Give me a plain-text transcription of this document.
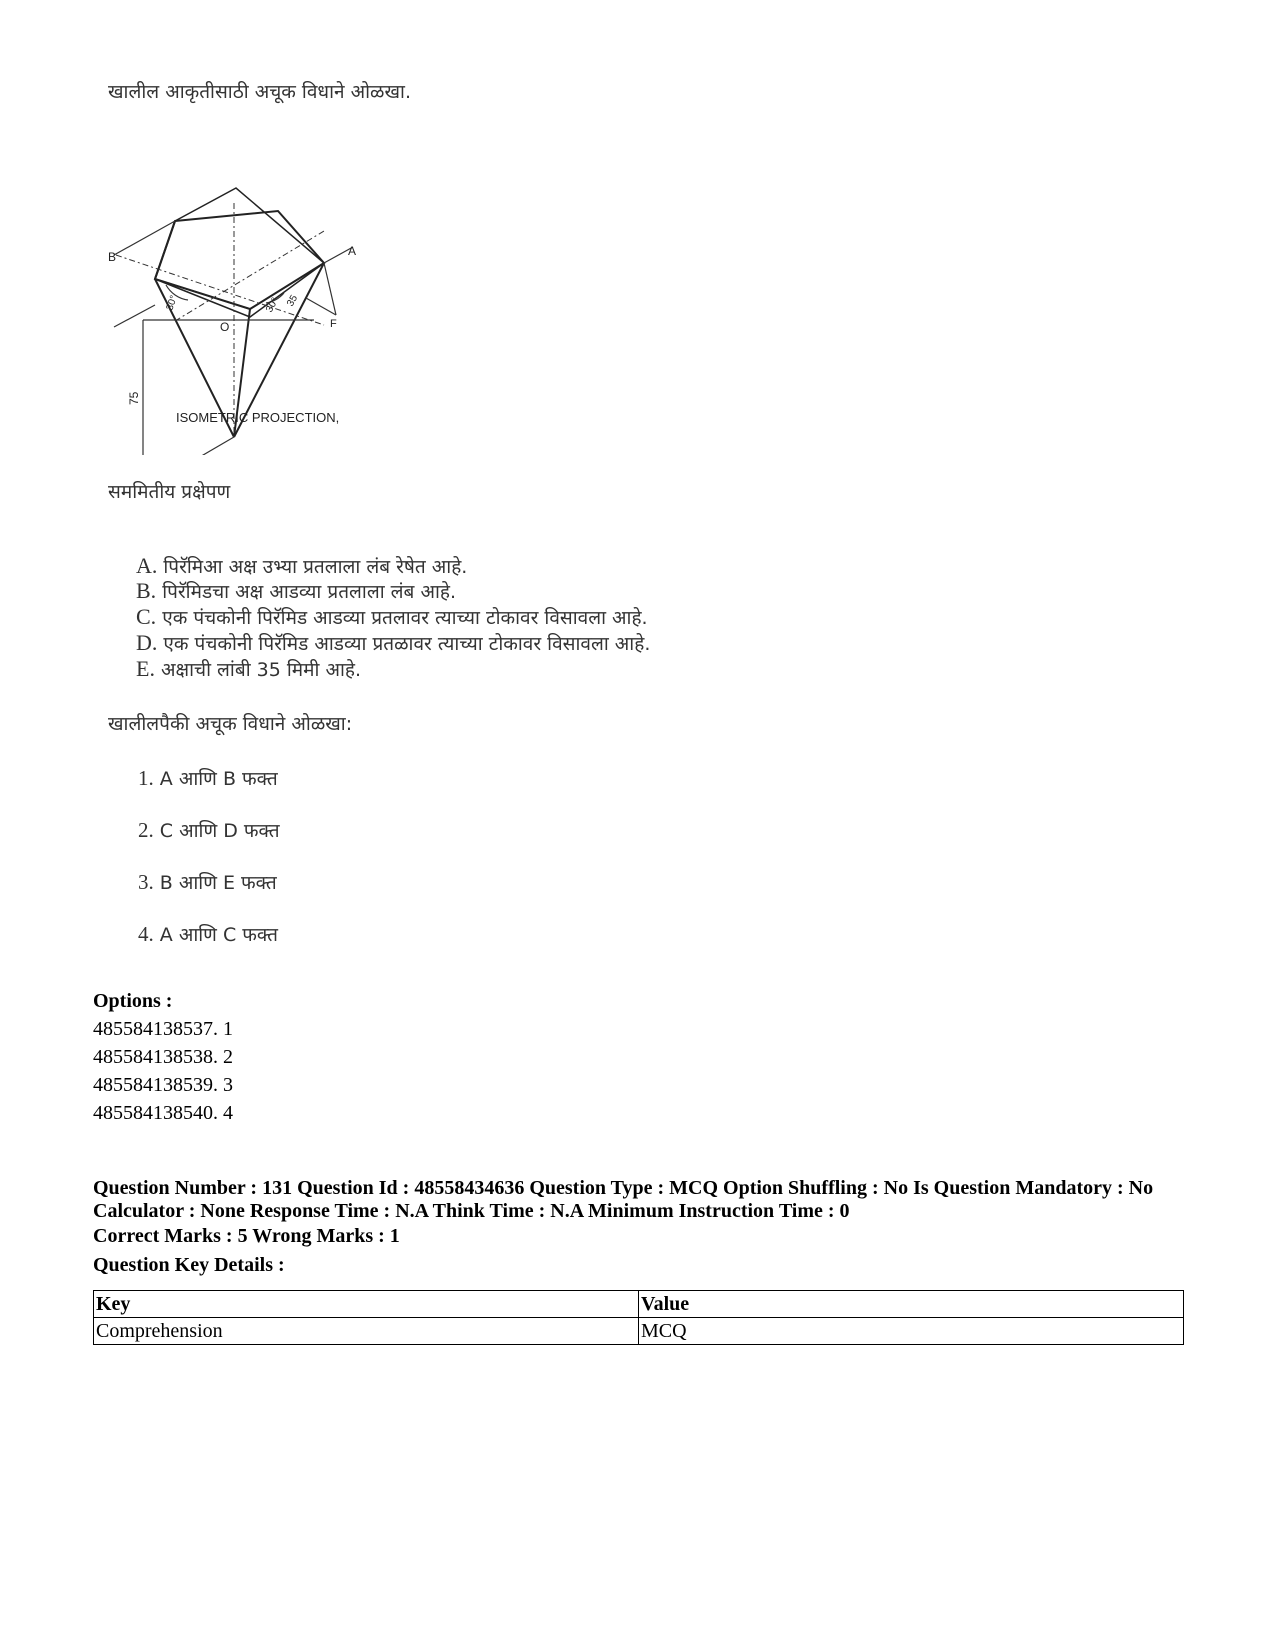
खालील आकृतीसाठी अचूक विधाने ओळखा.
B	A
O	F
30°	30° 35
75
ISOMETRIC PROJECTION,
सममितीय प्रक्षेपण
A. पिरॅमिआ अक्ष उभ्या प्रतलाला लंब रेषेत आहे.
B. पिरॅमिडचा अक्ष आडव्या प्रतलाला लंब आहे.
C. एक पंचकोनी पिरॅमिड आडव्या प्रतलावर त्याच्या टोकावर विसावला आहे.
D. एक पंचकोनी पिरॅमिड आडव्या प्रतळावर त्याच्या टोकावर विसावला आहे.
E. अक्षाची लांबी 35 मिमी आहे.
खालीलपैकी अचूक विधाने ओळखा:
1. A आणि B फक्त
2. C आणि D फक्त
3. B आणि E फक्त
4. A आणि C फक्त
Options :
485584138537. 1
485584138538. 2
485584138539. 3
485584138540. 4
Question Number : 131 Question Id : 48558434636 Question Type : MCQ Option Shuffling : No Is Question Mandatory : No Calculator : None Response Time : N.A Think Time : N.A Minimum Instruction Time : 0
Correct Marks : 5 Wrong Marks : 1
Question Key Details :
Key	Value
Comprehension	MCQ
